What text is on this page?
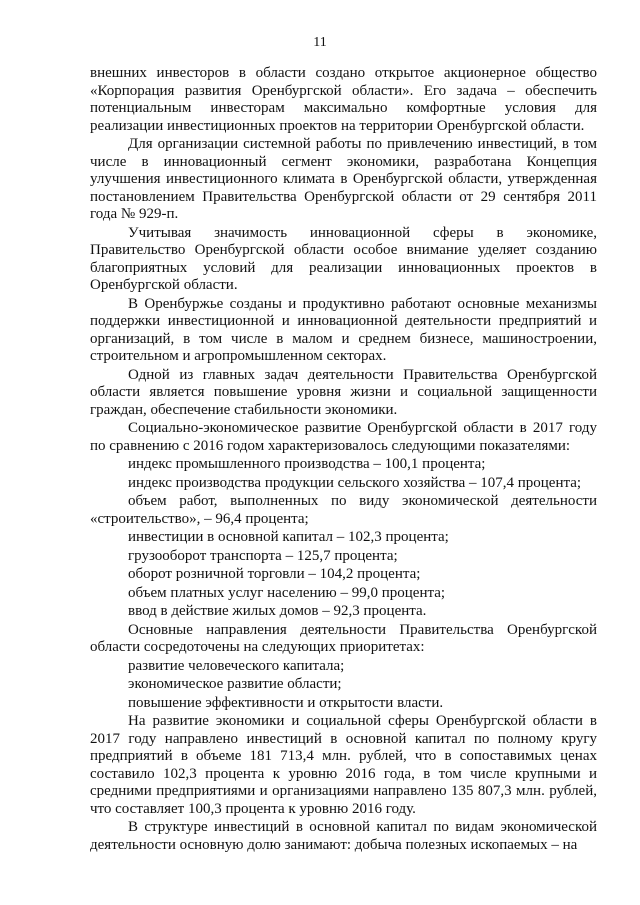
11

внешних инвесторов в области создано открытое акционерное общество «Корпорация развития Оренбургской области». Его задача – обеспечить потенциальным инвесторам максимально комфортные условия для реализации инвестиционных проектов на территории Оренбургской области.

Для организации системной работы по привлечению инвестиций, в том числе в инновационный сегмент экономики, разработана Концепция улучшения инвестиционного климата в Оренбургской области, утвержденная постановлением Правительства Оренбургской области от 29 сентября 2011 года № 929-п.

Учитывая значимость инновационной сферы в экономике, Правительство Оренбургской области особое внимание уделяет созданию благоприятных условий для реализации инновационных проектов в Оренбургской области.

В Оренбуржье созданы и продуктивно работают основные механизмы поддержки инвестиционной и инновационной деятельности предприятий и организаций, в том числе в малом и среднем бизнесе, машиностроении, строительном и агропромышленном секторах.

Одной из главных задач деятельности Правительства Оренбургской области является повышение уровня жизни и социальной защищенности граждан, обеспечение стабильности экономики.

Социально-экономическое развитие Оренбургской области в 2017 году по сравнению с 2016 годом характеризовалось следующими показателями:

индекс промышленного производства – 100,1 процента;

индекс производства продукции сельского хозяйства – 107,4 процента;

объем работ, выполненных по виду экономической деятельности «строительство», – 96,4 процента;

инвестиции в основной капитал – 102,3 процента;

грузооборот транспорта – 125,7 процента;

оборот розничной торговли – 104,2 процента;

объем платных услуг населению – 99,0 процента;

ввод в действие жилых домов – 92,3 процента.

Основные направления деятельности Правительства Оренбургской области сосредоточены на следующих приоритетах:

развитие человеческого капитала;

экономическое развитие области;

повышение эффективности и открытости власти.

На развитие экономики и социальной сферы Оренбургской области в 2017 году направлено инвестиций в основной капитал по полному кругу предприятий в объеме 181 713,4 млн. рублей, что в сопоставимых ценах составило 102,3 процента к уровню 2016 года, в том числе крупными и средними предприятиями и организациями направлено 135 807,3 млн. рублей, что составляет 100,3 процента к уровню 2016 году.

В структуре инвестиций в основной капитал по видам экономической деятельности основную долю занимают: добыча полезных ископаемых – на
